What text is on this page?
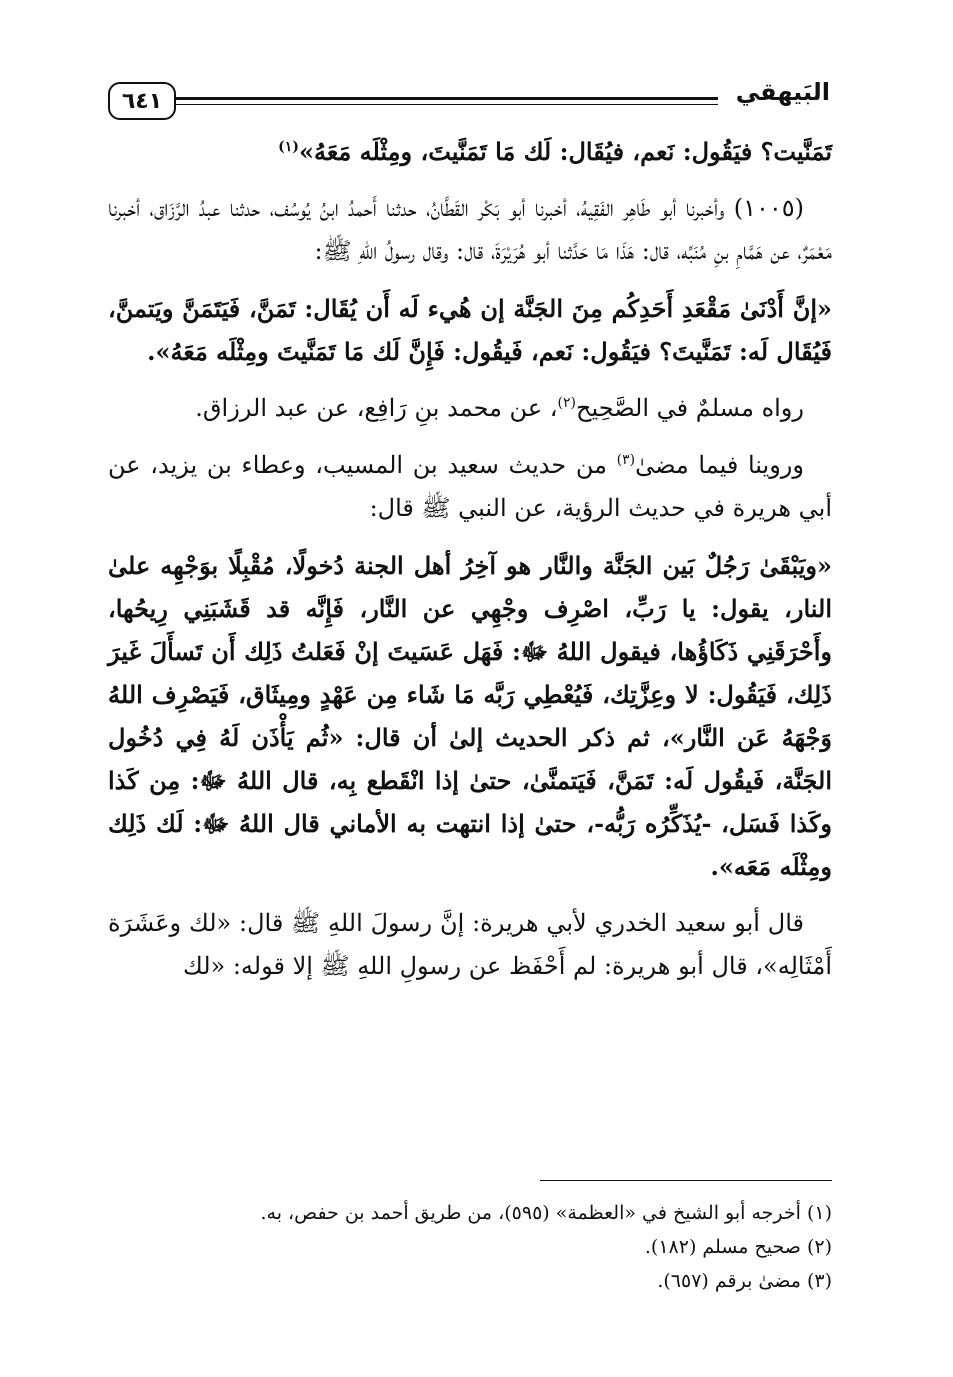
٦٤١	البَيهقي

تَمَنَّيت؟ فيَقُول: نَعم، فيُقَال: لَك مَا تَمَنَّيتَ، ومِثْلَه مَعَهُ»$^{(١)}$

(١٠٠٥) وأخبرنا أبو طَاهِر الفَقِيهُ، أخبرنا أبو بَكْر القَطَّانُ، حدثنا أَحمدُ ابنُ يُوسُف، حدثنا عبدُ الرَّزَاق، أخبرنا مَعْمَرٌ، عن هَمَّامِ بنِ مُنَبِّه، قال: هَذَا مَا حَدَّثنا أبو هُرَيْرَةَ، قال: وقال رسولُ اللهِ ﷺ:

«إنَّ أَدْنَىٰ مَقْعَدِ أَحَدِكُم مِنَ الجَنَّة إن هُيء لَه أَن يُقَال: تَمَنَّ، فَيَتَمَنَّ ويَتمنَّ، فَيُقَال لَه: تَمَنَّيتَ؟ فيَقُول: نَعم، فَيقُول: فَإِنَّ لَك مَا تَمَنَّيتَ ومِثْلَه مَعَهُ».

رواه مسلمٌ في الصَّحِيح$^{(٢)}$، عن محمد بنِ رَافِع، عن عبد الرزاق.

وروينا فيما مضىٰ$^{(٣)}$ من حديث سعيد بن المسيب، وعطاء بن يزيد، عن أبي هريرة في حديث الرؤية، عن النبي ﷺ قال:

«ويَبْقَىٰ رَجُلٌ بَين الجَنَّة والنَّار هو آخِرُ أهل الجنة دُخولًا، مُقْبِلًا بوَجْهِه علىٰ النار، يقول: يا رَبِّ، اصْرِف وجْهِي عن النَّار، فَإِنَّه قد قَشَبَنِي رِيحُها، وأَحْرَقَنِي ذَكَاؤُها، فيقول اللهُ ﷻ: فَهَل عَسَيتَ إنْ فَعَلتُ ذَلِك أَن تَسأَلَ غَيرَ ذَلِك، فَيَقُول: لا وعِزَّتِك، فَيُعْطِي رَبَّه مَا شَاء مِن عَهْدٍ ومِيثَاق، فَيَصْرِف اللهُ وَجْهَهُ عَن النَّار»، ثم ذكر الحديث إلىٰ أن قال: «ثُم يَأْذَن لَهُ فِي دُخُول الجَنَّة، فَيقُول لَه: تَمَنَّ، فَيَتمنَّىٰ، حتىٰ إذا انْقَطع بِه، قال اللهُ ﷻ: مِن كَذا وكَذا فَسَل، -يُذَكِّرُه رَبُّه-، حتىٰ إذا انتهت به الأماني قال اللهُ ﷻ: لَك ذَلِك ومِثْلَه مَعَه».

قال أبو سعيد الخدري لأبي هريرة: إنَّ رسولَ اللهِ ﷺ قال: «لك وعَشَرَة أَمْثَالِه»، قال أبو هريرة: لم أَحْفَظ عن رسولِ اللهِ ﷺ إلا قوله: «لك

(١) أخرجه أبو الشيخ في «العظمة» (٥٩٥)، من طريق أحمد بن حفص، به.

(٢) صحيح مسلم (١٨٢).

(٣) مضىٰ برقم (٦٥٧).
